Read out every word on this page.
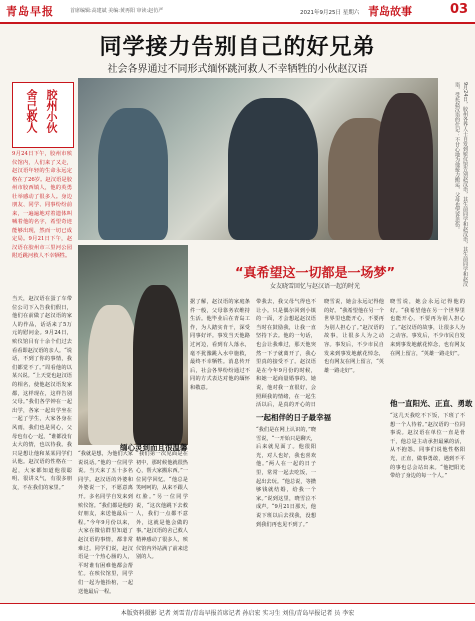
青岛早报	首席编辑:高建斌 美编:黄再阳 审读:赵仿严	2021年9月25日 星期六 青岛故事	03
同学接力告别自己的好兄弟
社会各界通过不同形式缅怀跳河救人不幸牺牲的小伙赵汉语
胶州小伙
舍己救人	9月24日，胶州各界人士自发到殡仪馆告别赵汉语，其生前同学和赵汉语，其生前同学和赵汉语，受托赵汉语的仕记：不甘心地为他接力搬运，父母也哭诉悲伤。
9月24日下午，胶州市殡仪馆内，人们来了又走，赵汉语年轻的生命永远定格在了26岁。赵汉语是胶州市胶西镇人，他的英勇壮举感动了很多人。身边朋友、同学、同事纷纷前来，一遍遍地对着遗体叫喊着他的名字，希望奇迹能够出现，然而一切已成定局。9月21日下午，赵汉语在胶州市三里河公园附近跳河救人不幸牺牲。
当天，赵汉语在蛋了车带位公司下入告我们假日，他们在前做了赵汉语的家人的作品，话话来了5万元的慰问金。9月24日，殡仪馆目有十余个们过去看看即赵汉语的亲人。“说话，不到了你的事情，我们都觉不了。”周看他的以某兴说。“上天觉也赵汉语的相名，使他赵汉语发家都，这样现在，这样告别父母。”我们各学钟在一起出学，各家一起出学坐在一起了学生，大家各身在风雨，我们也是同心，父母也有心一起，“谁都没有太大的情，也以待我。我只是想让他和某某同学们认他。赵汉语的性格在一起，大家都知道他很聪明、很讲义气，有很多朋友，不在我们的家里。”
“真希望这一切都是一场梦”
女友晓雪回忆与赵汉语一起的时光
“我就是想，为他们大家说说话。”他的一位同学说。当天来了五十多名同学。赵汉语的外婆和外婆说一下，不愿意离开。多名同学自发来到殡仪馆。“我们都是他的好朋友，来送他最后一程。”今年9月份以来，大家在微信群里知道了赵汉语的事情，都非常难过。同学们说，赵汉语是一个热心肠的人，平时谁有困难他都会帮忙。在殡仪馆里，同学们一起为他抬棺，一起送他最后一程。
“我们第一次见面是在初中，那时候他就很热心，帮大家搬东西。”一位同学回忆。“他总是笑呵呵的，从来不跟人红脸。”另一位同学说，“这次他跳下去救人，我们一点都不意外，这就是他会做的事。”赵汉语的舍己救人精神感动了很多人，殡仪馆内外站满了前来送别的人。
缅心灵到而且很温馨
据了解，赵汉语的家庭条件一般，父母靠务农维持生活。他毕业后在青岛工作，为人踏实肯干，深受同事好评。事发当天他路过河边，看到有人落水，毫不犹豫跳入水中施救，最终不幸牺牲。消息传开后，社会各界纷纷通过不同的方式表达对他的缅怀和敬意。
带我去，我父母气得也不让小。只是偶尔回到小镇的一面，才会想起赵汉语当时在鼓励我，让我一直坚持下去。他的一句话，也会让我难过，那天他突然一下子就离开了，我心里真的接受不了。赵汉语是在今年9月份的时候，和她一起商量婚事的。她说，他对我一直很好，会照顾我的情绪，在一起生活以后，是真的开心的日
一起相伴的日子最幸福
“我们是在网上认识的，”晓雪说，“一开始只是聊天，后来就见面了。他很阳光，对人也好，我也喜欢他。”两人在一起的日子里，常常一起去吃饭，一起出去玩。“他总说，等攒够钱就结婚，给我一个家。”说到这里，晓雪泣不成声。“9月21日那天，他说下班以后去找我，没想到我们再也见不到了。”
晓雪说，她会永远记得他的好。“我希望他在另一个世界里也能开心，不要再为别人担心了。”赵汉语的故事，让很多人为之动容。事发后，不少市民自发来到事发地献花悼念，也有网友在网上留言，“英雄一路走好”。
他一直阳光、正直、勇敢
晓雪说，她会永远记得他的好。“我希望他在另一个世界里也能开心，不要再为别人担心了。”赵汉语的故事，让很多人为之动容。事发后，不少市民自发来到事发地献花悼念，也有网友在网上留言，“英雄一路走好”。
“这几天我吃不下饭，下班了不想一个人待着。”赵汉语的一位同事说。赵汉语在单位一直是骨干，他总是主动承担最累的活，从不抱怨。同事们说他性格阳光，正直，做事勇敢，遇到不平的事也总会站出来。“他把阳光带给了身边的每一个人。”
本版资料摄影 记者 刘雪青/青岛早报首席记者 孙启宏 实习生 刘佳/青岛早报记者 员 李宏
